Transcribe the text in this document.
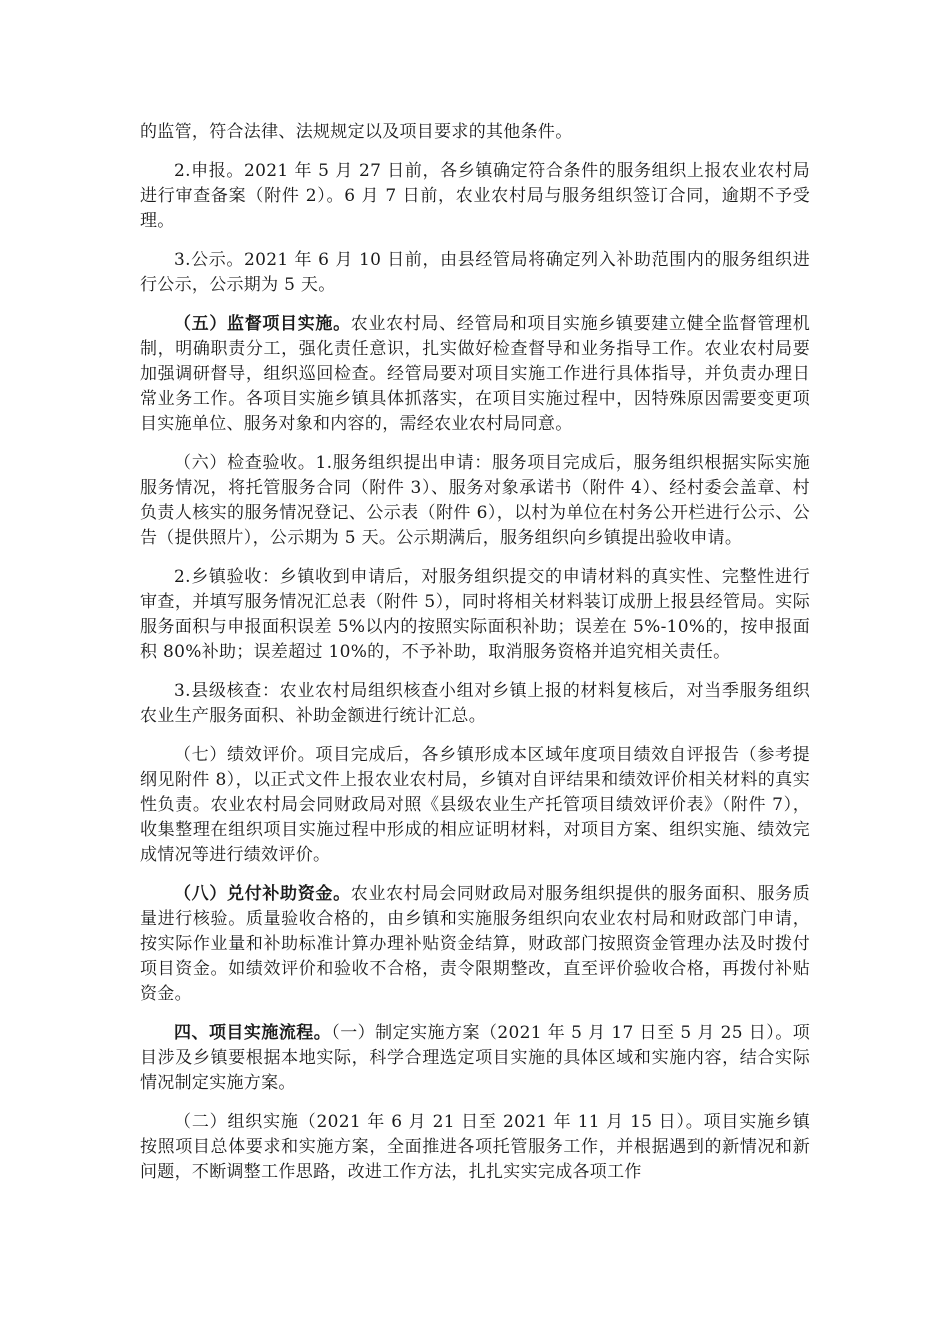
的监管，符合法律、法规规定以及项目要求的其他条件。

2.申报。2021 年 5 月 27 日前，各乡镇确定符合条件的服务组织上报农业农村局进行审查备案（附件 2）。6 月 7 日前，农业农村局与服务组织签订合同，逾期不予受理。

3.公示。2021 年 6 月 10 日前，由县经管局将确定列入补助范围内的服务组织进行公示，公示期为 5 天。

（五）监督项目实施。农业农村局、经管局和项目实施乡镇要建立健全监督管理机制，明确职责分工，强化责任意识，扎实做好检查督导和业务指导工作。农业农村局要加强调研督导，组织巡回检查。经管局要对项目实施工作进行具体指导，并负责办理日常业务工作。各项目实施乡镇具体抓落实，在项目实施过程中，因特殊原因需要变更项目实施单位、服务对象和内容的，需经农业农村局同意。

（六）检查验收。1.服务组织提出申请：服务项目完成后，服务组织根据实际实施服务情况，将托管服务合同（附件 3）、服务对象承诺书（附件 4）、经村委会盖章、村负责人核实的服务情况登记、公示表（附件 6），以村为单位在村务公开栏进行公示、公告（提供照片），公示期为 5 天。公示期满后，服务组织向乡镇提出验收申请。

2.乡镇验收：乡镇收到申请后，对服务组织提交的申请材料的真实性、完整性进行审查，并填写服务情况汇总表（附件 5），同时将相关材料装订成册上报县经管局。实际服务面积与申报面积误差 5%以内的按照实际面积补助；误差在 5%-10%的，按申报面积 80%补助；误差超过 10%的，不予补助，取消服务资格并追究相关责任。

3.县级核查：农业农村局组织核查小组对乡镇上报的材料复核后，对当季服务组织农业生产服务面积、补助金额进行统计汇总。

（七）绩效评价。项目完成后，各乡镇形成本区域年度项目绩效自评报告（参考提纲见附件 8），以正式文件上报农业农村局，乡镇对自评结果和绩效评价相关材料的真实性负责。农业农村局会同财政局对照《县级农业生产托管项目绩效评价表》（附件 7），收集整理在组织项目实施过程中形成的相应证明材料，对项目方案、组织实施、绩效完成情况等进行绩效评价。

（八）兑付补助资金。农业农村局会同财政局对服务组织提供的服务面积、服务质量进行核验。质量验收合格的，由乡镇和实施服务组织向农业农村局和财政部门申请，按实际作业量和补助标准计算办理补贴资金结算，财政部门按照资金管理办法及时拨付项目资金。如绩效评价和验收不合格，责令限期整改，直至评价验收合格，再拨付补贴资金。

四、项目实施流程。（一）制定实施方案（2021 年 5 月 17 日至 5 月 25 日）。项目涉及乡镇要根据本地实际，科学合理选定项目实施的具体区域和实施内容，结合实际情况制定实施方案。

（二）组织实施（2021 年 6 月 21 日至 2021 年 11 月 15 日）。项目实施乡镇按照项目总体要求和实施方案，全面推进各项托管服务工作，并根据遇到的新情况和新问题，不断调整工作思路，改进工作方法，扎扎实实完成各项工作
